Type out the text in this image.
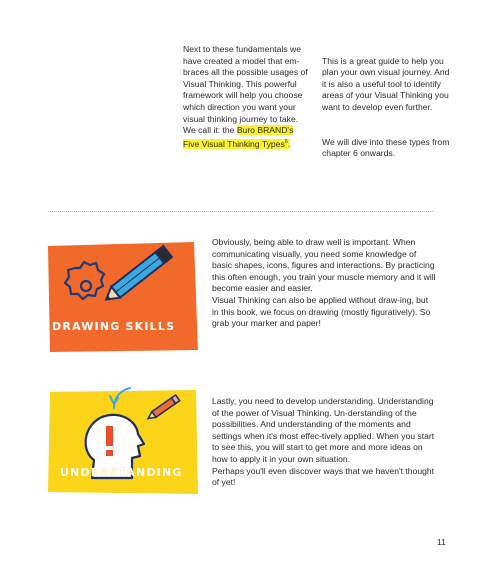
Next to these fundamentals we have created a model that em-
braces all the possible usages of Visual Thinking. This powerful framework will help you choose which direction you want your visual thinking journey to take.
We call it: the Buro BRAND's Five Visual Thinking Types$^6$.

This is a great guide to help you plan your own visual journey. And it is also a useful tool to identify areas of your Visual Thinking you want to develop even further.

We will dive into these types from chapter 6 onwards.

DRAWING SKILLS

Obviously, being able to draw well is important. When communicating visually, you need some knowledge of basic shapes, icons, figures and interactions. By practicing this often enough, you train your muscle memory and it will become easier and easier.

Visual Thinking can also be applied without draw-ing, but in this book, we focus on drawing (mostly figuratively). So grab your marker and paper!

UNDERSTANDING

Lastly, you need to develop understanding. Understanding of the power of Visual Thinking. Un-derstanding of the possibilities. And understanding of the moments and settings when it's most effec-tively applied. When you start to see this, you will start to get more and more ideas on how to apply it in your own situation.

Perhaps you'll even discover ways that we haven't thought of yet!

11
